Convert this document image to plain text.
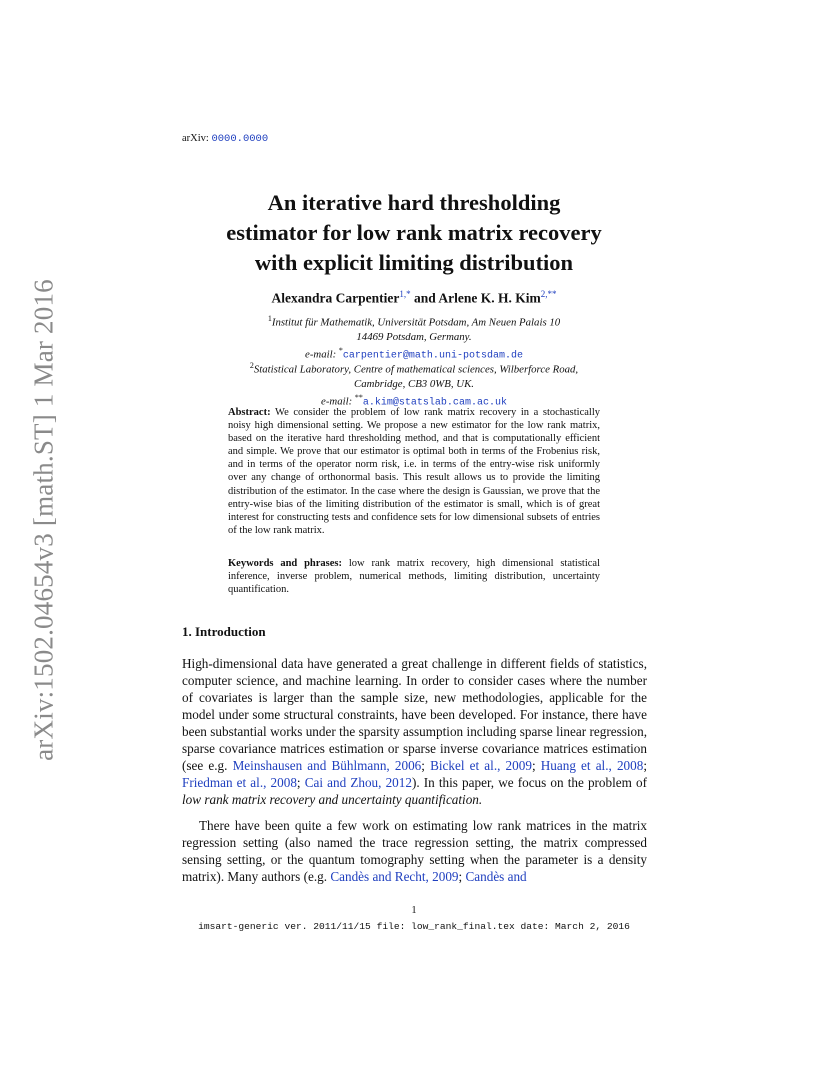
arXiv:1502.04654v3 [math.ST] 1 Mar 2016
arXiv: 0000.0000
An iterative hard thresholding
estimator for low rank matrix recovery
with explicit limiting distribution
Alexandra Carpentier$^{1,*}$ and Arlene K. H. Kim$^{2,**}$
$^1$Institut für Mathematik, Universität Potsdam, Am Neuen Palais 10
14469 Potsdam, Germany.
e-mail: *carpentier@math.uni-potsdam.de
$^2$Statistical Laboratory, Centre of mathematical sciences, Wilberforce Road,
Cambridge, CB3 0WB, UK.
e-mail: **a.kim@statslab.cam.ac.uk
Abstract: We consider the problem of low rank matrix recovery in a stochastically noisy high dimensional setting. We propose a new estimator for the low rank matrix, based on the iterative hard thresholding method, and that is computationally efficient and simple. We prove that our estimator is optimal both in terms of the Frobenius risk, and in terms of the operator norm risk, i.e. in terms of the entry-wise risk uniformly over any change of orthonormal basis. This result allows us to provide the limiting distribution of the estimator. In the case where the design is Gaussian, we prove that the entry-wise bias of the limiting distribution of the estimator is small, which is of great interest for constructing tests and confidence sets for low dimensional subsets of entries of the low rank matrix.
Keywords and phrases: low rank matrix recovery, high dimensional statistical inference, inverse problem, numerical methods, limiting distribution, uncertainty quantification.
1. Introduction
High-dimensional data have generated a great challenge in different fields of statistics, computer science, and machine learning. In order to consider cases where the number of covariates is larger than the sample size, new methodologies, applicable for the model under some structural constraints, have been developed. For instance, there have been substantial works under the sparsity assumption including sparse linear regression, sparse covariance matrices estimation or sparse inverse covariance matrices estimation (see e.g. Meinshausen and Bühlmann, 2006; Bickel et al., 2009; Huang et al., 2008; Friedman et al., 2008; Cai and Zhou, 2012). In this paper, we focus on the problem of low rank matrix recovery and uncertainty quantification.
There have been quite a few work on estimating low rank matrices in the matrix regression setting (also named the trace regression setting, the matrix compressed sensing setting, or the quantum tomography setting when the parameter is a density matrix). Many authors (e.g. Candès and Recht, 2009; Candès and
1
imsart-generic ver. 2011/11/15 file: low_rank_final.tex date: March 2, 2016
